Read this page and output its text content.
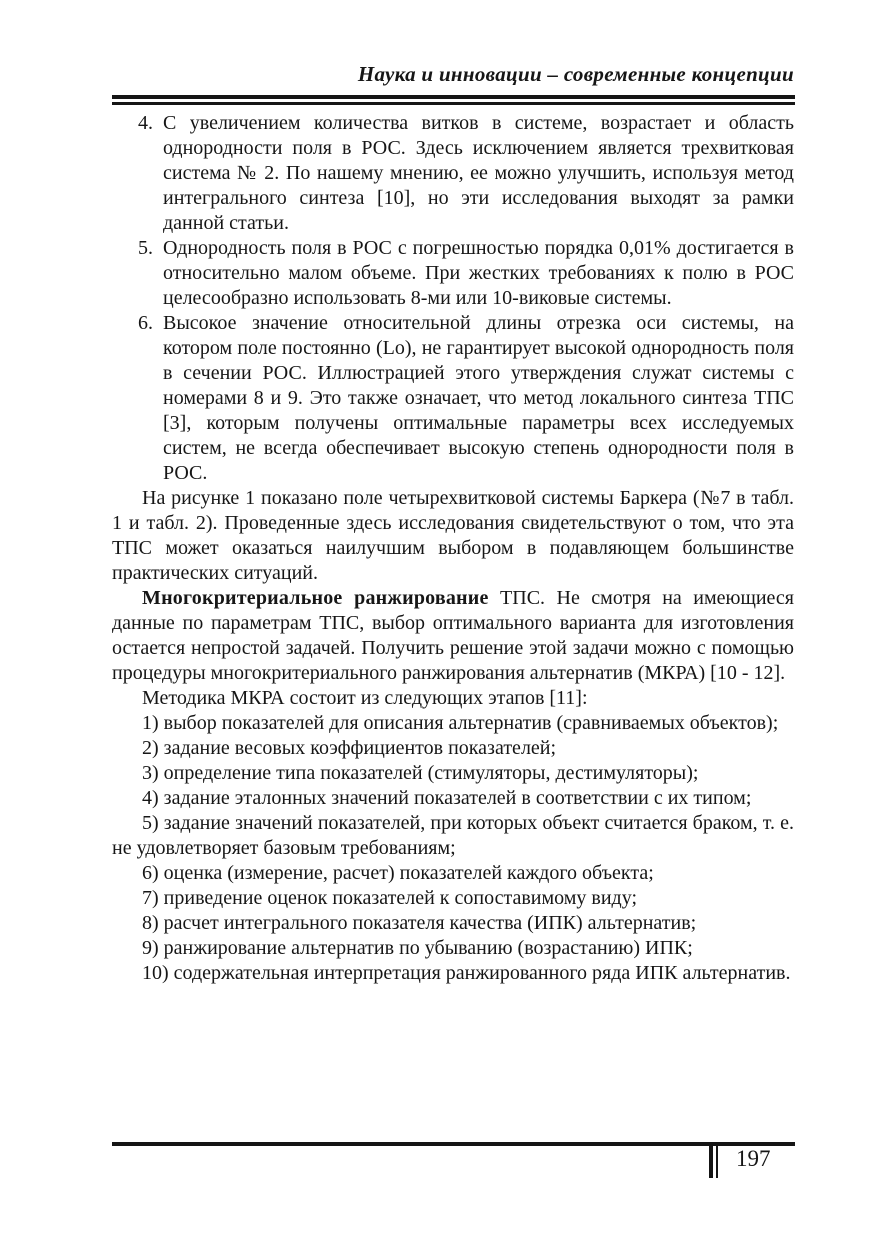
Наука и инновации – современные концепции
4. С увеличением количества витков в системе, возрастает и область однородности поля в РОС. Здесь исключением является трехвитковая система № 2. По нашему мнению, ее можно улучшить, используя метод интегрального синтеза [10], но эти исследования выходят за рамки данной статьи.
5. Однородность поля в РОС с погрешностью порядка 0,01% достигается в относительно малом объеме. При жестких требованиях к полю в РОС целесообразно использовать 8-ми или 10-виковые системы.
6. Высокое значение относительной длины отрезка оси системы, на котором поле постоянно (Lo), не гарантирует высокой однородность поля в сечении РОС. Иллюстрацией этого утверждения служат системы с номерами 8 и 9. Это также означает, что метод локального синтеза ТПС [3], которым получены оптимальные параметры всех исследуемых систем, не всегда обеспечивает высокую степень однородности поля в РОС.

На рисунке 1 показано поле четырехвитковой системы Баркера (№7 в табл. 1 и табл. 2). Проведенные здесь исследования свидетельствуют о том, что эта ТПС может оказаться наилучшим выбором в подавляющем большинстве практических ситуаций.

Многокритериальное ранжирование ТПС. Не смотря на имеющиеся данные по параметрам ТПС, выбор оптимального варианта для изготовления остается непростой задачей. Получить решение этой задачи можно с помощью процедуры многокритериального ранжирования альтернатив (МКРА) [10 - 12].

Методика МКРА состоит из следующих этапов [11]:

1) выбор показателей для описания альтернатив (сравниваемых объектов);

2) задание весовых коэффициентов показателей;

3) определение типа показателей (стимуляторы, дестимуляторы);

4) задание эталонных значений показателей в соответствии с их типом;

5) задание значений показателей, при которых объект считается браком, т. е. не удовлетворяет базовым требованиям;

6) оценка (измерение, расчет) показателей каждого объекта;

7) приведение оценок показателей к сопоставимому виду;

8) расчет интегрального показателя качества (ИПК) альтернатив;

9) ранжирование альтернатив по убыванию (возрастанию) ИПК;

10) содержательная интерпретация ранжированного ряда ИПК альтернатив.

197
